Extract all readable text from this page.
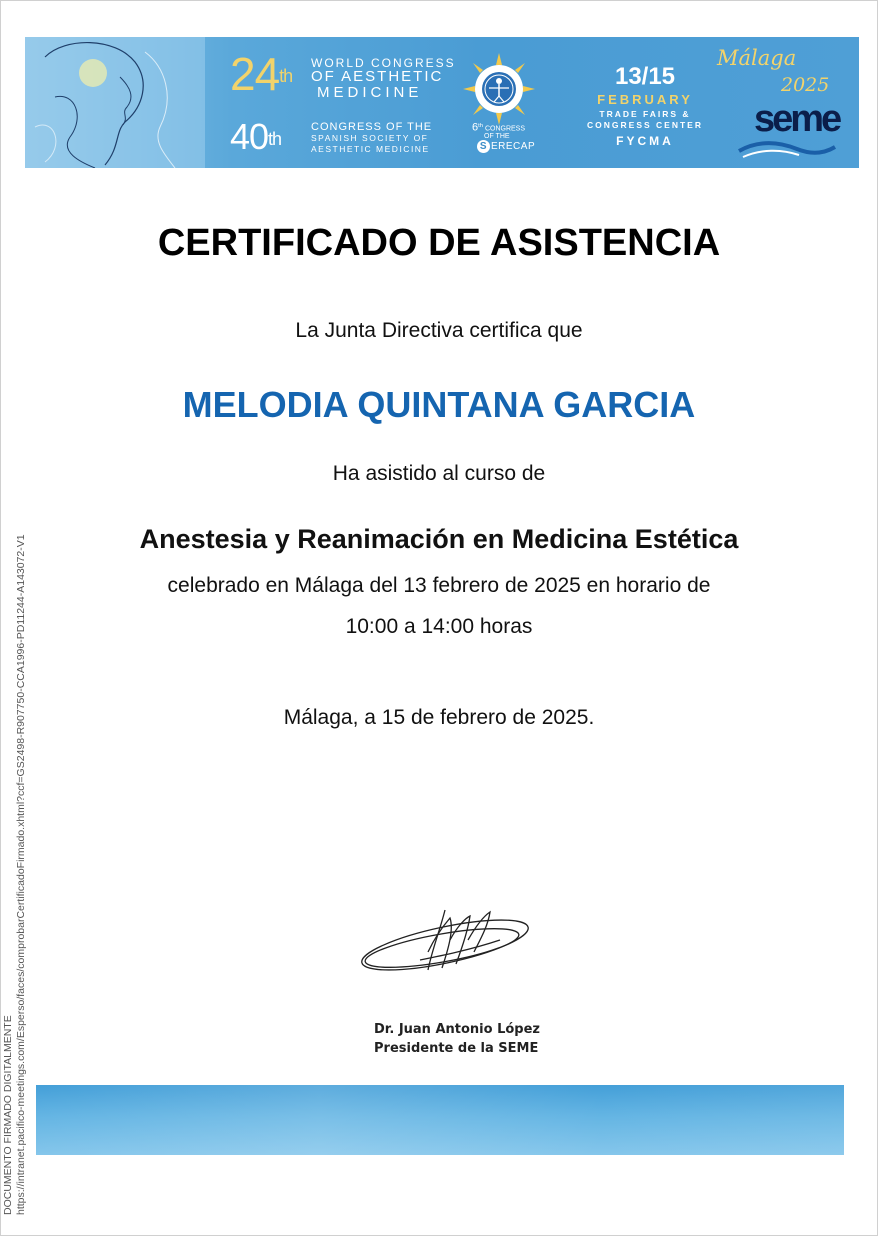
24th
WORLD CONGRESS
OF AESTHETIC
MEDICINE
40th
CONGRESS OF THE
SPANISH SOCIETY OF
AESTHETIC MEDICINE
6th CONGRESS
OF THE
S ERECAP
13/15
FEBRUARY
TRADE FAIRS &
CONGRESS CENTER
FYCMA
Málaga
2025
seme
CERTIFICADO DE ASISTENCIA
La Junta Directiva certifica que
MELODIA QUINTANA GARCIA
Ha asistido al curso de
Anestesia y Reanimación en Medicina Estética
celebrado en Málaga del 13 febrero de 2025 en horario de
10:00 a 14:00 horas
Málaga, a 15 de febrero de 2025.
Dr. Juan Antonio López
Presidente de la SEME
DOCUMENTO FIRMADO DIGITALMENTE https://intranet.pacifico-meetings.com/Esperso/faces/comprobarCertificadoFirmado.xhtml?ccf=GS2498-R907750-CCA1996-PD11244-A143072-V1
